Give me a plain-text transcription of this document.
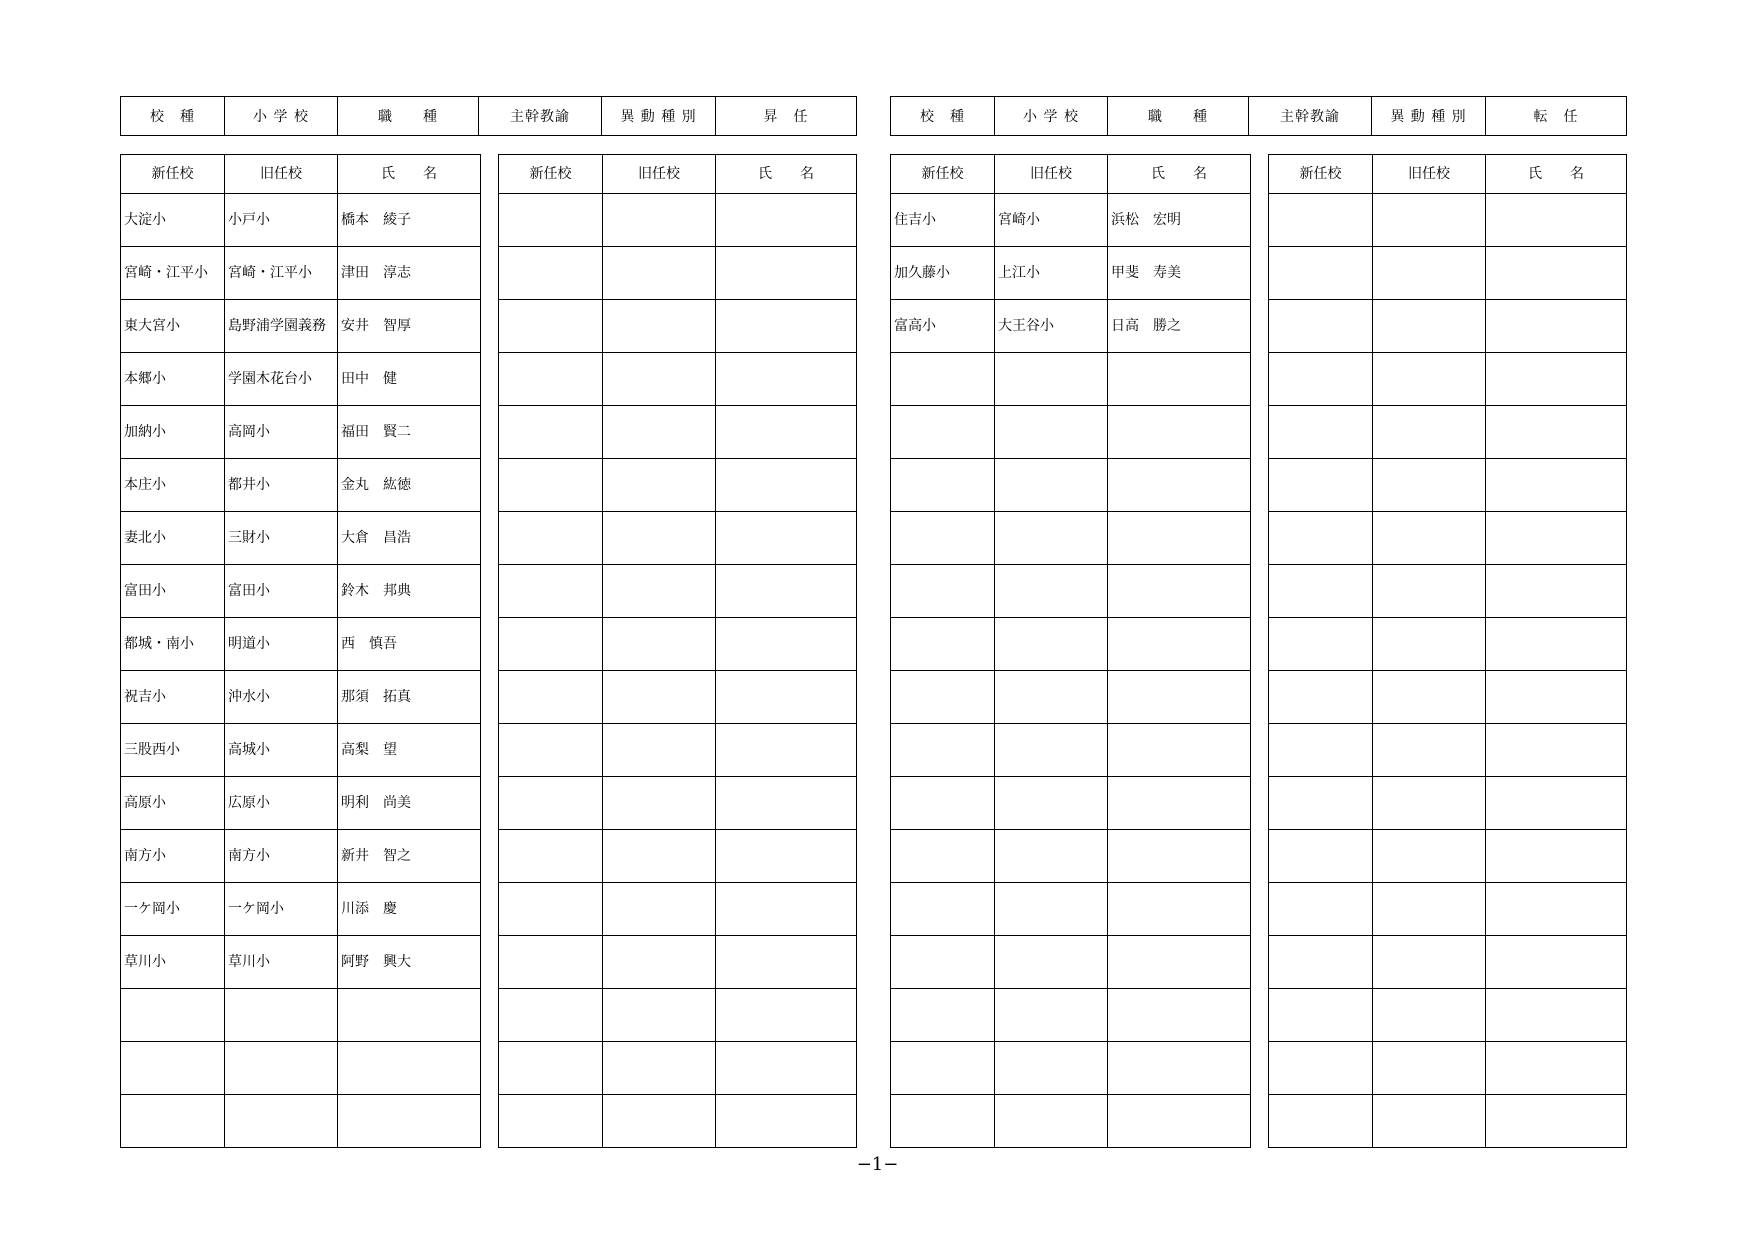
校　種	小 学 校	職　　種	主幹教諭	異 動 種 別	昇　任	校　種	小 学 校	職　　種	主幹教諭	異 動 種 別	転　任
新任校	旧任校	氏　　名
大淀小	小戸小	橋本　綾子
宮崎・江平小	宮崎・江平小	津田　淳志
東大宮小	島野浦学園義務	安井　智厚
本郷小	学園木花台小	田中　健
加納小	高岡小	福田　賢二
本庄小	都井小	金丸　紘徳
妻北小	三財小	大倉　昌浩
富田小	富田小	鈴木　邦典
都城・南小	明道小	西　慎吾
祝吉小	沖水小	那須　拓真
三股西小	高城小	高梨　望
高原小	広原小	明利　尚美
南方小	南方小	新井　智之
一ケ岡小	一ケ岡小	川添　慶
草川小	草川小	阿野　興大

新任校	旧任校	氏　　名

			新任校	旧任校	氏　　名
住吉小	宮崎小	浜松　宏明
加久藤小	上江小	甲斐　寿美
富高小	大王谷小	日高　勝之

新任校	旧任校	氏　　名

−1−
